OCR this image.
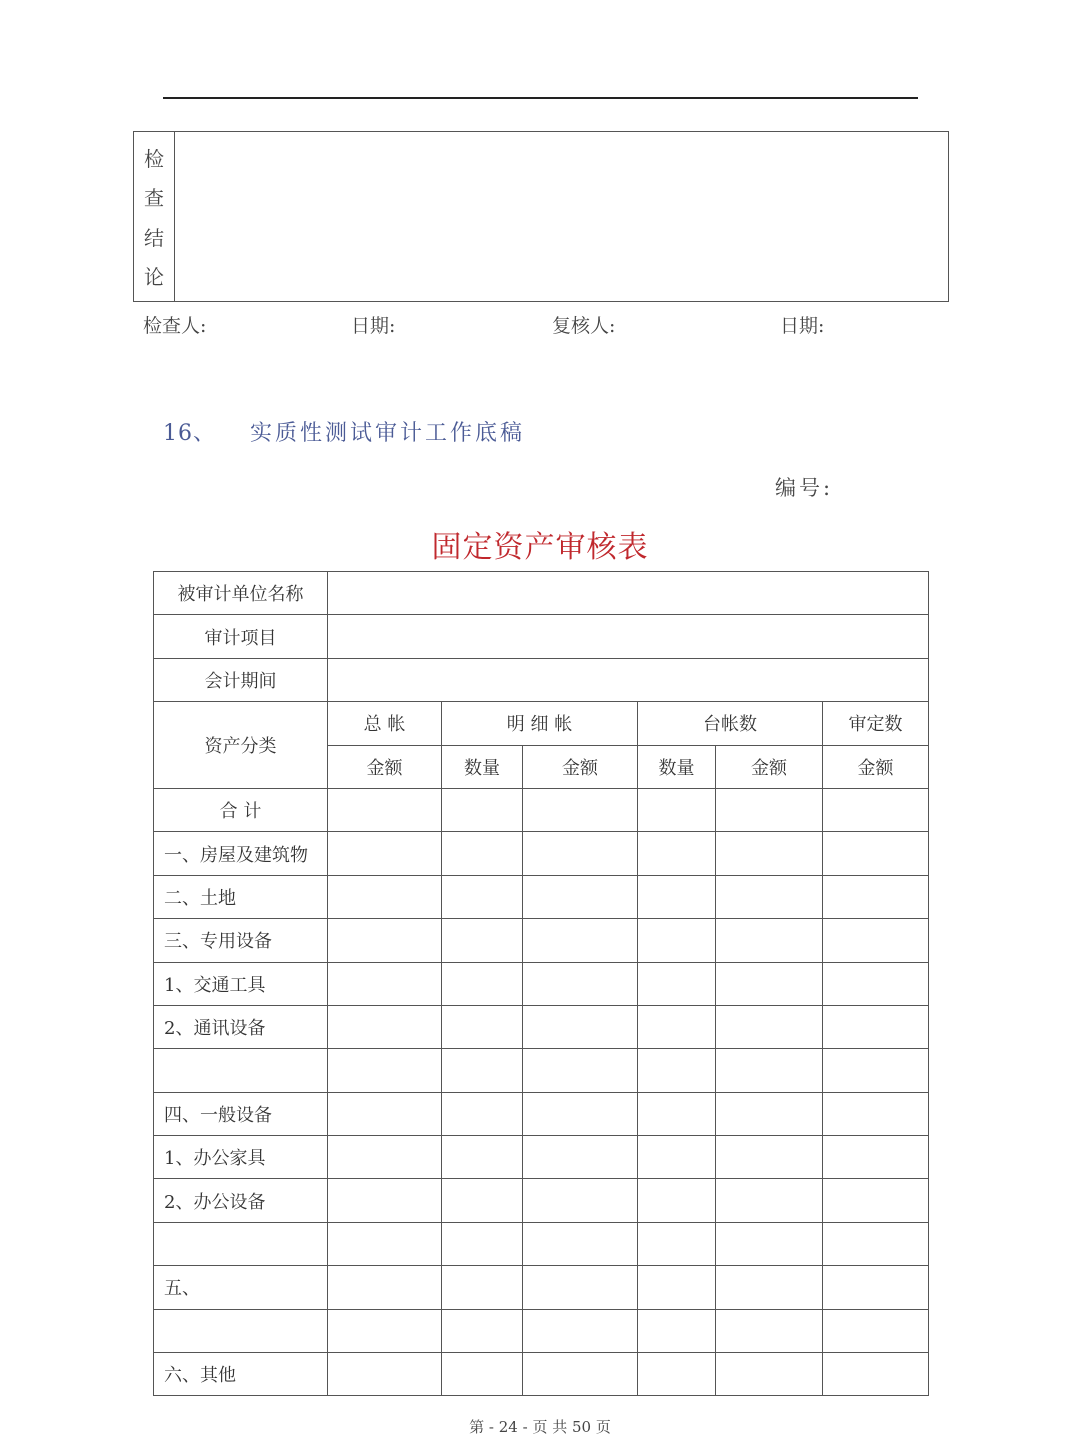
检
查
结
论
检查人:	日期:	复核人:	日期:
16、 实质性测试审计工作底稿
编号:
固定资产审核表
被审计单位名称						
审计项目						
会计期间						
资产分类	总 帐	明 细 帐		台帐数		审定数
	金额	数量	金额	数量	金额	金额
合 计						
一、房屋及建筑物						
二、土地						
三、专用设备						
1、交通工具						
2、通讯设备						

四、一般设备						
1、办公家具						
2、办公设备						

五、						

六、其他						
第 - 24 - 页 共 50 页
